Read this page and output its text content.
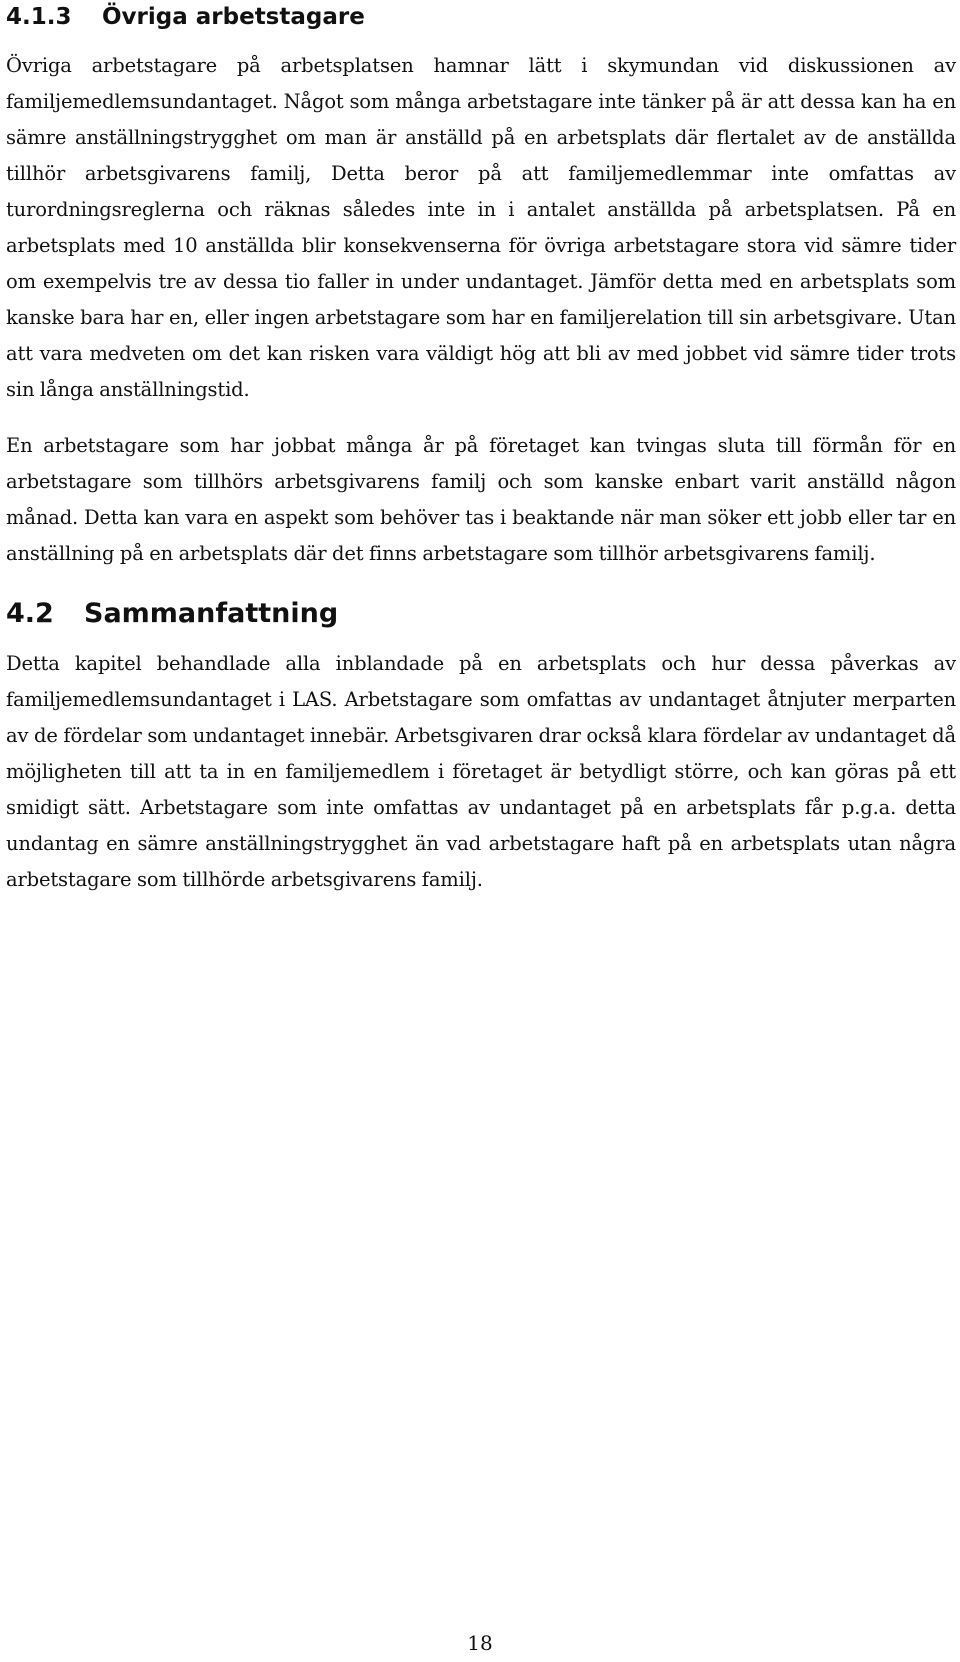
4.1.3 Övriga arbetstagare

Övriga arbetstagare på arbetsplatsen hamnar lätt i skymundan vid diskussionen av familjemedlemsundantaget. Något som många arbetstagare inte tänker på är att dessa kan ha en sämre anställningstrygghet om man är anställd på en arbetsplats där flertalet av de anställda tillhör arbetsgivarens familj, Detta beror på att familjemedlemmar inte omfattas av turordningsreglerna och räknas således inte in i antalet anställda på arbetsplatsen. På en arbetsplats med 10 anställda blir konsekvenserna för övriga arbetstagare stora vid sämre tider om exempelvis tre av dessa tio faller in under undantaget. Jämför detta med en arbetsplats som kanske bara har en, eller ingen arbetstagare som har en familjerelation till sin arbetsgivare. Utan att vara medveten om det kan risken vara väldigt hög att bli av med jobbet vid sämre tider trots sin långa anställningstid.

En arbetstagare som har jobbat många år på företaget kan tvingas sluta till förmån för en arbetstagare som tillhörs arbetsgivarens familj och som kanske enbart varit anställd någon månad. Detta kan vara en aspekt som behöver tas i beaktande när man söker ett jobb eller tar en anställning på en arbetsplats där det finns arbetstagare som tillhör arbetsgivarens familj.

4.2 Sammanfattning

Detta kapitel behandlade alla inblandade på en arbetsplats och hur dessa påverkas av familjemedlemsundantaget i LAS. Arbetstagare som omfattas av undantaget åtnjuter merparten av de fördelar som undantaget innebär. Arbetsgivaren drar också klara fördelar av undantaget då möjligheten till att ta in en familjemedlem i företaget är betydligt större, och kan göras på ett smidigt sätt. Arbetstagare som inte omfattas av undantaget på en arbetsplats får p.g.a. detta undantag en sämre anställningstrygghet än vad arbetstagare haft på en arbetsplats utan några arbetstagare som tillhörde arbetsgivarens familj.

18
